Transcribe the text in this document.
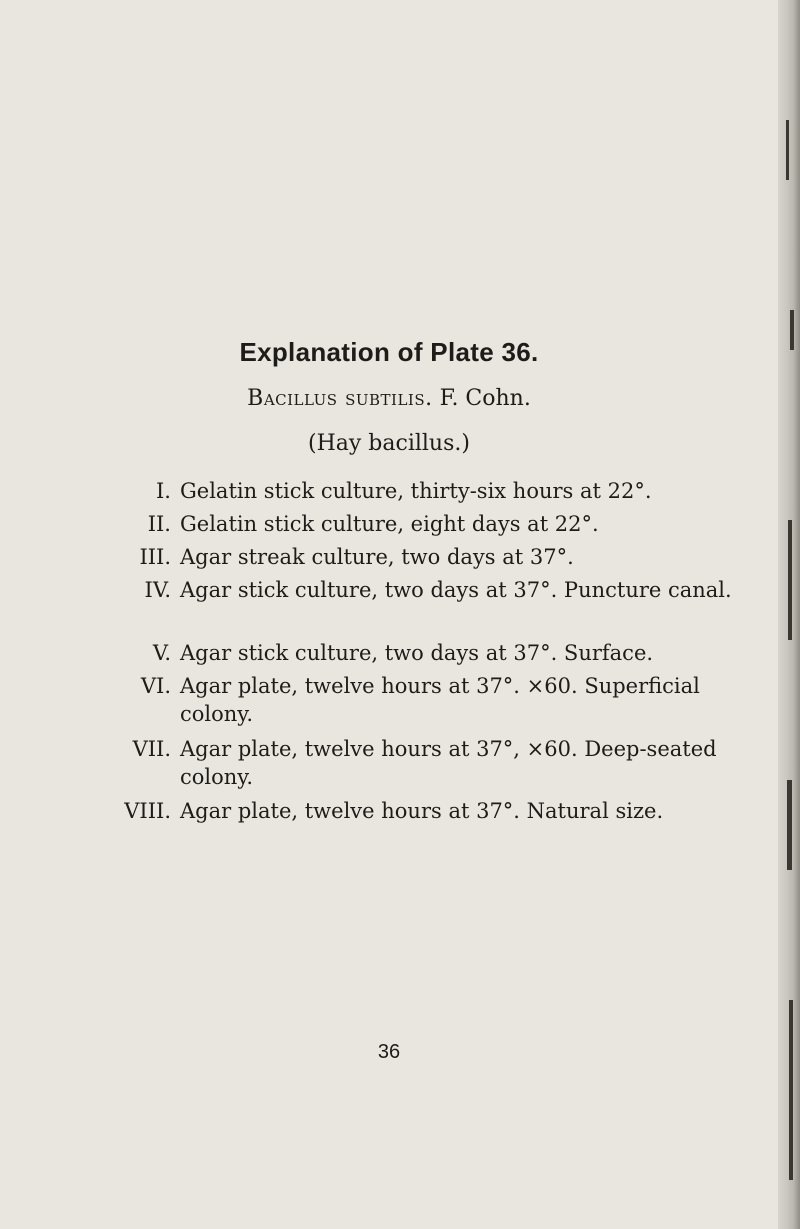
Explanation of Plate 36.
Bacillus subtilis. F. Cohn.
(Hay bacillus.)
I. Gelatin stick culture, thirty-six hours at 22°.
II. Gelatin stick culture, eight days at 22°.
III. Agar streak culture, two days at 37°.
IV. Agar stick culture, two days at 37°. Puncture canal.
V. Agar stick culture, two days at 37°. Surface.
VI. Agar plate, twelve hours at 37°. ×60. Superficial colony.
VII. Agar plate, twelve hours at 37°, ×60. Deep-seated colony.
VIII. Agar plate, twelve hours at 37°. Natural size.
36
